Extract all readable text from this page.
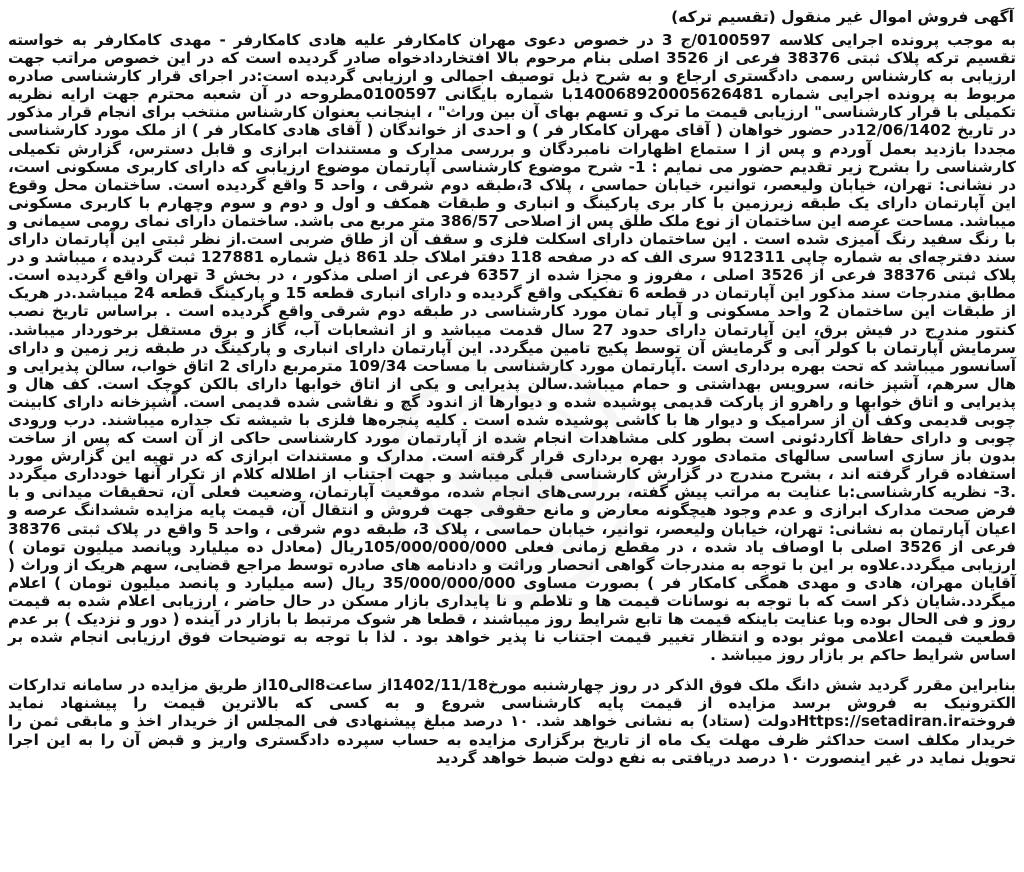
آگهی فروش اموال غیر منقول (تقسیم ترکه)

به موجب پرونده اجرایی کلاسه 0100597/ج 3 در خصوص دعوی مهران کامکارفر علیه هادی کامکارفر - مهدی کامکارفر به خواسته تقسیم ترکه پلاک ثبتی 38376 فرعی از 3526 اصلی بنام مرحوم بالا افتخاردادخواه صادر گردیده است که در این خصوص مراتب جهت ارزیابی به کارشناس رسمی دادگستری ارجاع و به شرح ذیل توصیف اجمالی و ارزیابی گردیده است:در اجرای قرار کارشناسی صادره مربوط به پرونده اجرایی شماره 140068920005626481با شماره بایگانی 0100597مطروحه در آن شعبه محترم جهت ارایه نظریه تکمیلی با قرار کارشناسی" ارزیابی قیمت ما ترک و تسهم بهای آن بین وراث" ، اینجانب بعنوان کارشناس منتخب برای انجام قرار مذکور در تاریخ 12/06/1402در حضور خواهان ( آقای مهران کامکار فر ) و احدی از خواندگان ( آقای هادی کامکار فر ) از ملک مورد کارشناسی مجددا بازدید بعمل آوردم و پس از ا ستماع اظهارات نامبردگان و بررسی مدارک و مستندات ابرازی و قابل دسترس، گزارش تکمیلی کارشناسی را بشرح زیر تقدیم حضور می نمایم : 1- شرح موضوع کارشناسی آپارتمان موضوع ارزیابی که دارای کاربری مسکونی است، در نشانی: تهران، خیابان ولیعصر، توانیر، خیابان حماسی ، پلاک 3،طبقه دوم شرقی ، واحد 5 واقع گردیده است. ساختمان محل وقوع این آپارتمان دارای یک طبقه زیرزمین با کار بری پارکینگ و انباری و طبقات همکف و اول و دوم و سوم وچهارم با کاربری مسکونی میباشد. مساحت عرصه این ساختمان از نوع ملک طلق پس از اصلاحی 386/57 متر مربع می باشد. ساختمان دارای نمای رومی سیمانی و با رنگ سفید رنگ آمیزی شده است . این ساختمان دارای اسکلت فلزی و سقف آن از طاق ضربی است.از نظر ثبتی این آپارتمان دارای سند دفترچه‌ای به شماره چاپی 912311 سری الف که در صفحه 118 دفتر املاک جلد 861 ذیل شماره 127881 ثبت گردیده ، میباشد و در پلاک ثبتی 38376 فرعی از 3526 اصلی ، مفروز و مجزا شده از 6357 فرعی از اصلی مذکور ، در بخش 3 تهران واقع گردیده است. مطابق مندرجات سند مذکور این آپارتمان در قطعه 6 تفکیکی واقع گردیده و دارای انباری قطعه 15 و پارکینگ قطعه 24 میباشد.در هریک از طبقات این ساختمان 2 واحد مسکونی و آپار تمان مورد کارشناسی در طبقه دوم شرقی واقع گردیده است . براساس تاریخ نصب کنتور مندرج در فیش برق، این آپارتمان دارای حدود 27 سال قدمت میباشد و از انشعابات آب، گاز و برق مستقل برخوردار میباشد. سرمایش آپارتمان با کولر آبی و گرمایش آن توسط پکیج تامین میگردد. این آپارتمان دارای انباری و پارکینگ در طبقه زیر زمین و دارای آسانسور میباشد که تحت بهره برداری است .آپارتمان مورد کارشناسی با مساحت 109/34 مترمربع دارای 2 اتاق خواب، سالن پذیرایی و هال سرهم، آشپز خانه، سرویس بهداشتی و حمام میباشد.سالن پذیرایی و یکی از اتاق خوابها دارای بالکن کوچک است. کف هال و پذیرایی و اتاق خوابها و راهرو از پارکت قدیمی پوشیده شده و دیوارها از اندود گچ و نقاشی شده قدیمی است. آشپزخانه دارای کابینت چوبی قدیمی وکف آن از سرامیک و دیوار ها با کاشی پوشیده شده است . کلیه پنجره‌ها فلزی با شیشه تک جداره میباشند. درب ورودی چوبی و دارای حفاظ آکاردئونی است بطور کلی مشاهدات انجام شده از آپارتمان مورد کارشناسی حاکی از آن است که پس از ساخت بدون باز سازی اساسی سالهای متمادی مورد بهره برداری قرار گرفته است. مدارک و مستندات ابرازی که در تهیه این گزارش مورد استفاده قرار گرفته اند ، بشرح مندرج در گزارش کارشناسی قبلی میباشد و جهت اجتناب از اطلاله کلام از تکرار آنها خودداری میگردد .3- نظریه کارشناسی:با عنایت به مراتب پیش گفته، بررسی‌های انجام شده، موقعیت آپارتمان، وضعیت فعلی آن، تحقیقات میدانی و با فرض صحت مدارک ابرازی و عدم وجود هیچگونه معارض و مانع حقوقی جهت فروش و انتقال آن، قیمت پایه مزایده ششدانگ عرصه و اعیان آپارتمان به نشانی: تهران، خیابان ولیعصر، توانیر، خیابان حماسی ، پلاک 3، طبقه دوم شرقی ، واحد 5 واقع در پلاک ثبتی 38376 فرعی از 3526 اصلی با اوصاف یاد شده ، در مقطع زمانی فعلی 105/000/000/000ریال (معادل ده میلیارد وپانصد میلیون تومان ) ارزیابی میگردد.علاوه بر این با توجه به مندرجات گواهی انحصار وراثت و دادنامه های صادره توسط مراجع قضایی، سهم هریک از وراث ( آقایان مهران، هادی و مهدی همگی کامکار فر ) بصورت مساوی 35/000/000/000 ریال (سه میلیارد و پانصد میلیون تومان ) اعلام میگردد.شایان ذکر است که با توجه به نوسانات قیمت ها و تلاطم و نا پایداری بازار مسکن در حال حاضر ، ارزیابی اعلام شده به قیمت روز و فی الحال بوده وبا عنایت باینکه قیمت ها تابع شرایط روز میباشند ، قطعا هر شوک مرتبط با بازار در آینده ( دور و نزدیک ) بر عدم قطعیت قیمت اعلامی موثر بوده و انتظار تغییر قیمت اجتناب نا پذیر خواهد بود . لذا با توجه به توضیحات فوق ارزیابی انجام شده بر اساس شرایط حاکم بر بازار روز میباشد .

بنابراین مقرر گردید شش دانگ ملک فوق الذکر در روز چهارشنبه مورخ1402/11/18از ساعت8الی10از طریق مزایده در سامانه تدارکات الکترونیک به فروش برسد مزایده از قیمت پایه کارشناسی شروع و به کسی که بالاترین قیمت را پیشنهاد نماید فروخته‌Https://setadiran.irدولت (ستاد) به نشانی خواهد شد. ۱۰ درصد مبلغ پیشنهادی فی المجلس از خریدار اخذ و مابقی ثمن را خریدار مکلف است حداکثر ظرف مهلت یک ماه از تاریخ برگزاری مزایده به حساب سپرده دادگستری واریز و قبض آن را به این اجرا تحویل نماید در غیر اینصورت ۱۰ درصد دریافتی به نفع دولت ضبط خواهد گردید
